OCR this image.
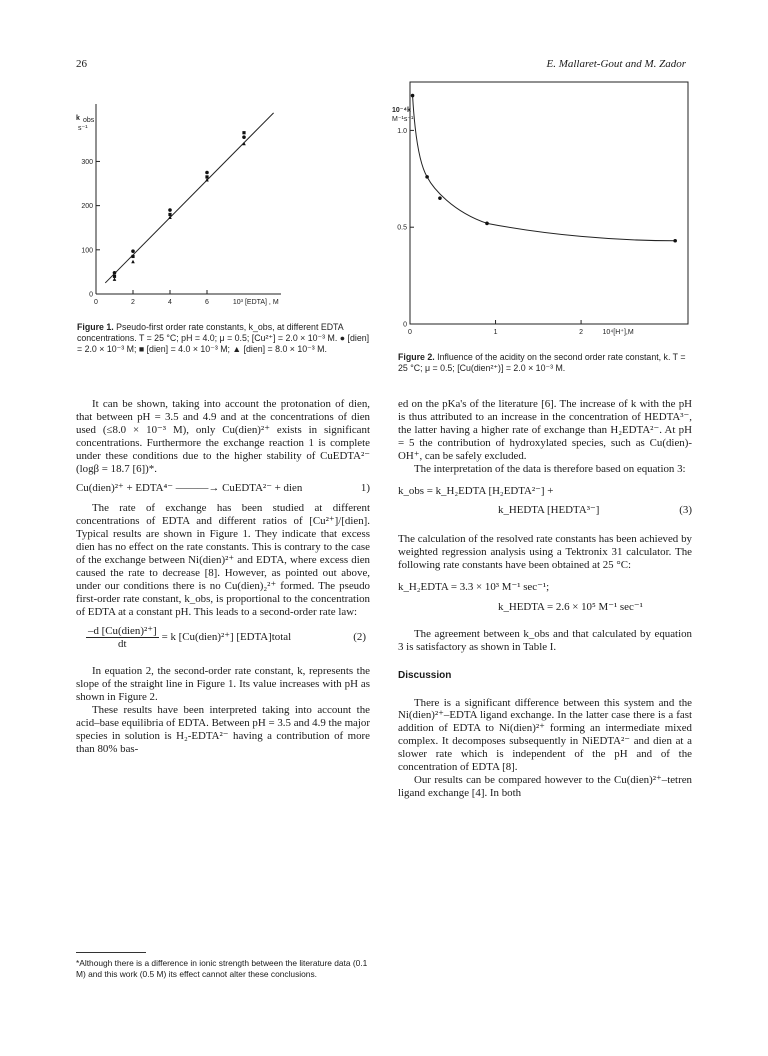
26	E. Mallaret-Gout and M. Zador
0
100
200
300
0	2	4	6	10³ [EDTA] , M
k obs
s⁻¹
Figure 1. Pseudo-first order rate constants, k_obs, at different EDTA concentrations. T = 25 °C; pH = 4.0; μ = 0.5; [Cu²⁺] = 2.0 × 10⁻³ M. ● [dien] = 2.0 × 10⁻³ M; ■ [dien] = 4.0 × 10⁻³ M; ▲ [dien] = 8.0 × 10⁻³ M.
0
0.5
1.0
0	1	2	10⁴[H⁺],M
10⁻⁴k
M⁻¹s⁻¹
Figure 2. Influence of the acidity on the second order rate constant, k. T = 25 °C; μ = 0.5; [Cu(dien²⁺)] = 2.0 × 10⁻³ M.

It can be shown, taking into account the protonation of dien, that between pH = 3.5 and 4.9 and at the concentrations of dien used (≤8.0 × 10⁻³ M), only Cu(dien)²⁺ exists in significant concentrations. Furthermore the exchange reaction 1 is complete under these conditions due to the higher stability of CuEDTA²⁻ (logβ = 18.7 [6])*.

Cu(dien)²⁺ + EDTA⁴⁻ ———→ CuEDTA²⁻ + dien	1)

The rate of exchange has been studied at different concentrations of EDTA and different ratios of [Cu²⁺]/[dien]. Typical results are shown in Figure 1. They indicate that excess dien has no effect on the rate constants. This is contrary to the case of the exchange between Ni(dien)²⁺ and EDTA, where excess dien caused the rate to decrease [8]. However, as pointed out above, under our conditions there is no Cu(dien)₂²⁺ formed. The pseudo first-order rate constant, k_obs, is proportional to the concentration of EDTA at a constant pH. This leads to a second-order rate law:

–d [Cu(dien)²⁺]
dt
= k [Cu(dien)²⁺] [EDTA]total	(2)

In equation 2, the second-order rate constant, k, represents the slope of the straight line in Figure 1. Its value increases with pH as shown in Figure 2.

These results have been interpreted taking into account the acid–base equilibria of EDTA. Between pH = 3.5 and 4.9 the major species in solution is H₂-EDTA²⁻ having a contribution of more than 80% bas-

*Although there is a difference in ionic strength between the literature data (0.1 M) and this work (0.5 M) its effect cannot alter these conclusions.

ed on the pKa's of the literature [6]. The increase of k with the pH is thus attributed to an increase in the concentration of HEDTA³⁻, the latter having a higher rate of exchange than H₂EDTA²⁻. At pH = 5 the contribution of hydroxylated species, such as Cu(dien)-OH⁺, can be safely excluded.

The interpretation of the data is therefore based on equation 3:

k_obs = k_H₂EDTA [H₂EDTA²⁻] +
k_HEDTA [HEDTA³⁻]	(3)

The calculation of the resolved rate constants has been achieved by weighted regression analysis using a Tektronix 31 calculator. The following rate constants have been obtained at 25 °C:

k_H₂EDTA = 3.3 × 10³ M⁻¹ sec⁻¹;
k_HEDTA = 2.6 × 10⁵ M⁻¹ sec⁻¹

The agreement between k_obs and that calculated by equation 3 is satisfactory as shown in Table I.

Discussion

There is a significant difference between this system and the Ni(dien)²⁺–EDTA ligand exchange. In the latter case there is a fast addition of EDTA to Ni(dien)²⁺ forming an intermediate mixed complex. It decomposes subsequently in NiEDTA²⁻ and dien at a slower rate which is independent of the pH and of the concentration of EDTA [8].

Our results can be compared however to the Cu(dien)²⁺–tetren ligand exchange [4]. In both
